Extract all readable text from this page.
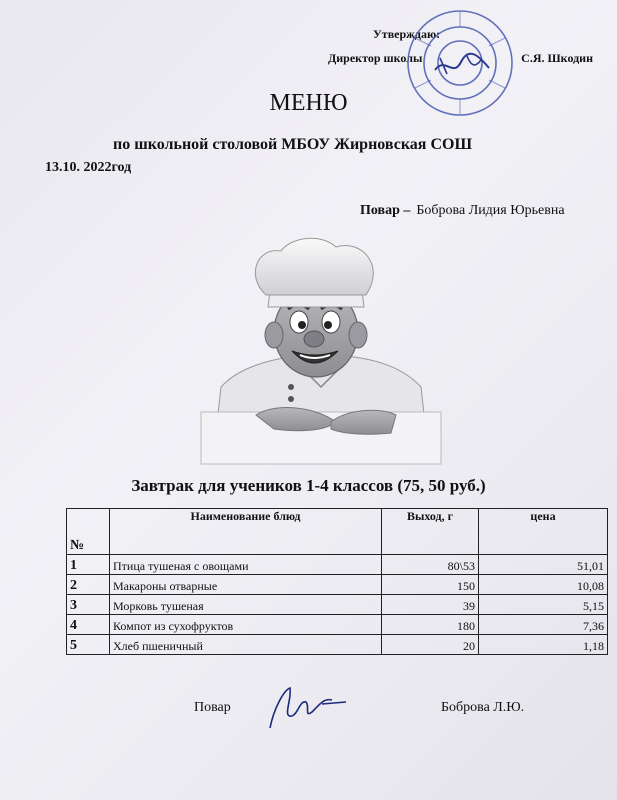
Утверждаю:
Директор школы	С.Я. Шкодин
МЕНЮ
по школьной столовой МБОУ Жирновская СОШ
13.10. 2022год
Повар – Боброва Лидия Юрьевна
Завтрак для учеников 1-4 классов (75, 50 руб.)
№	Наименование блюд	Выход, г	цена
1	Птица тушеная с овощами	80\53	51,01
2	Макароны отварные	150	10,08
3	Морковь тушеная	39	5,15
4	Компот из сухофруктов	180	7,36
5	Хлеб пшеничный	20	1,18
Повар	Боброва Л.Ю.
